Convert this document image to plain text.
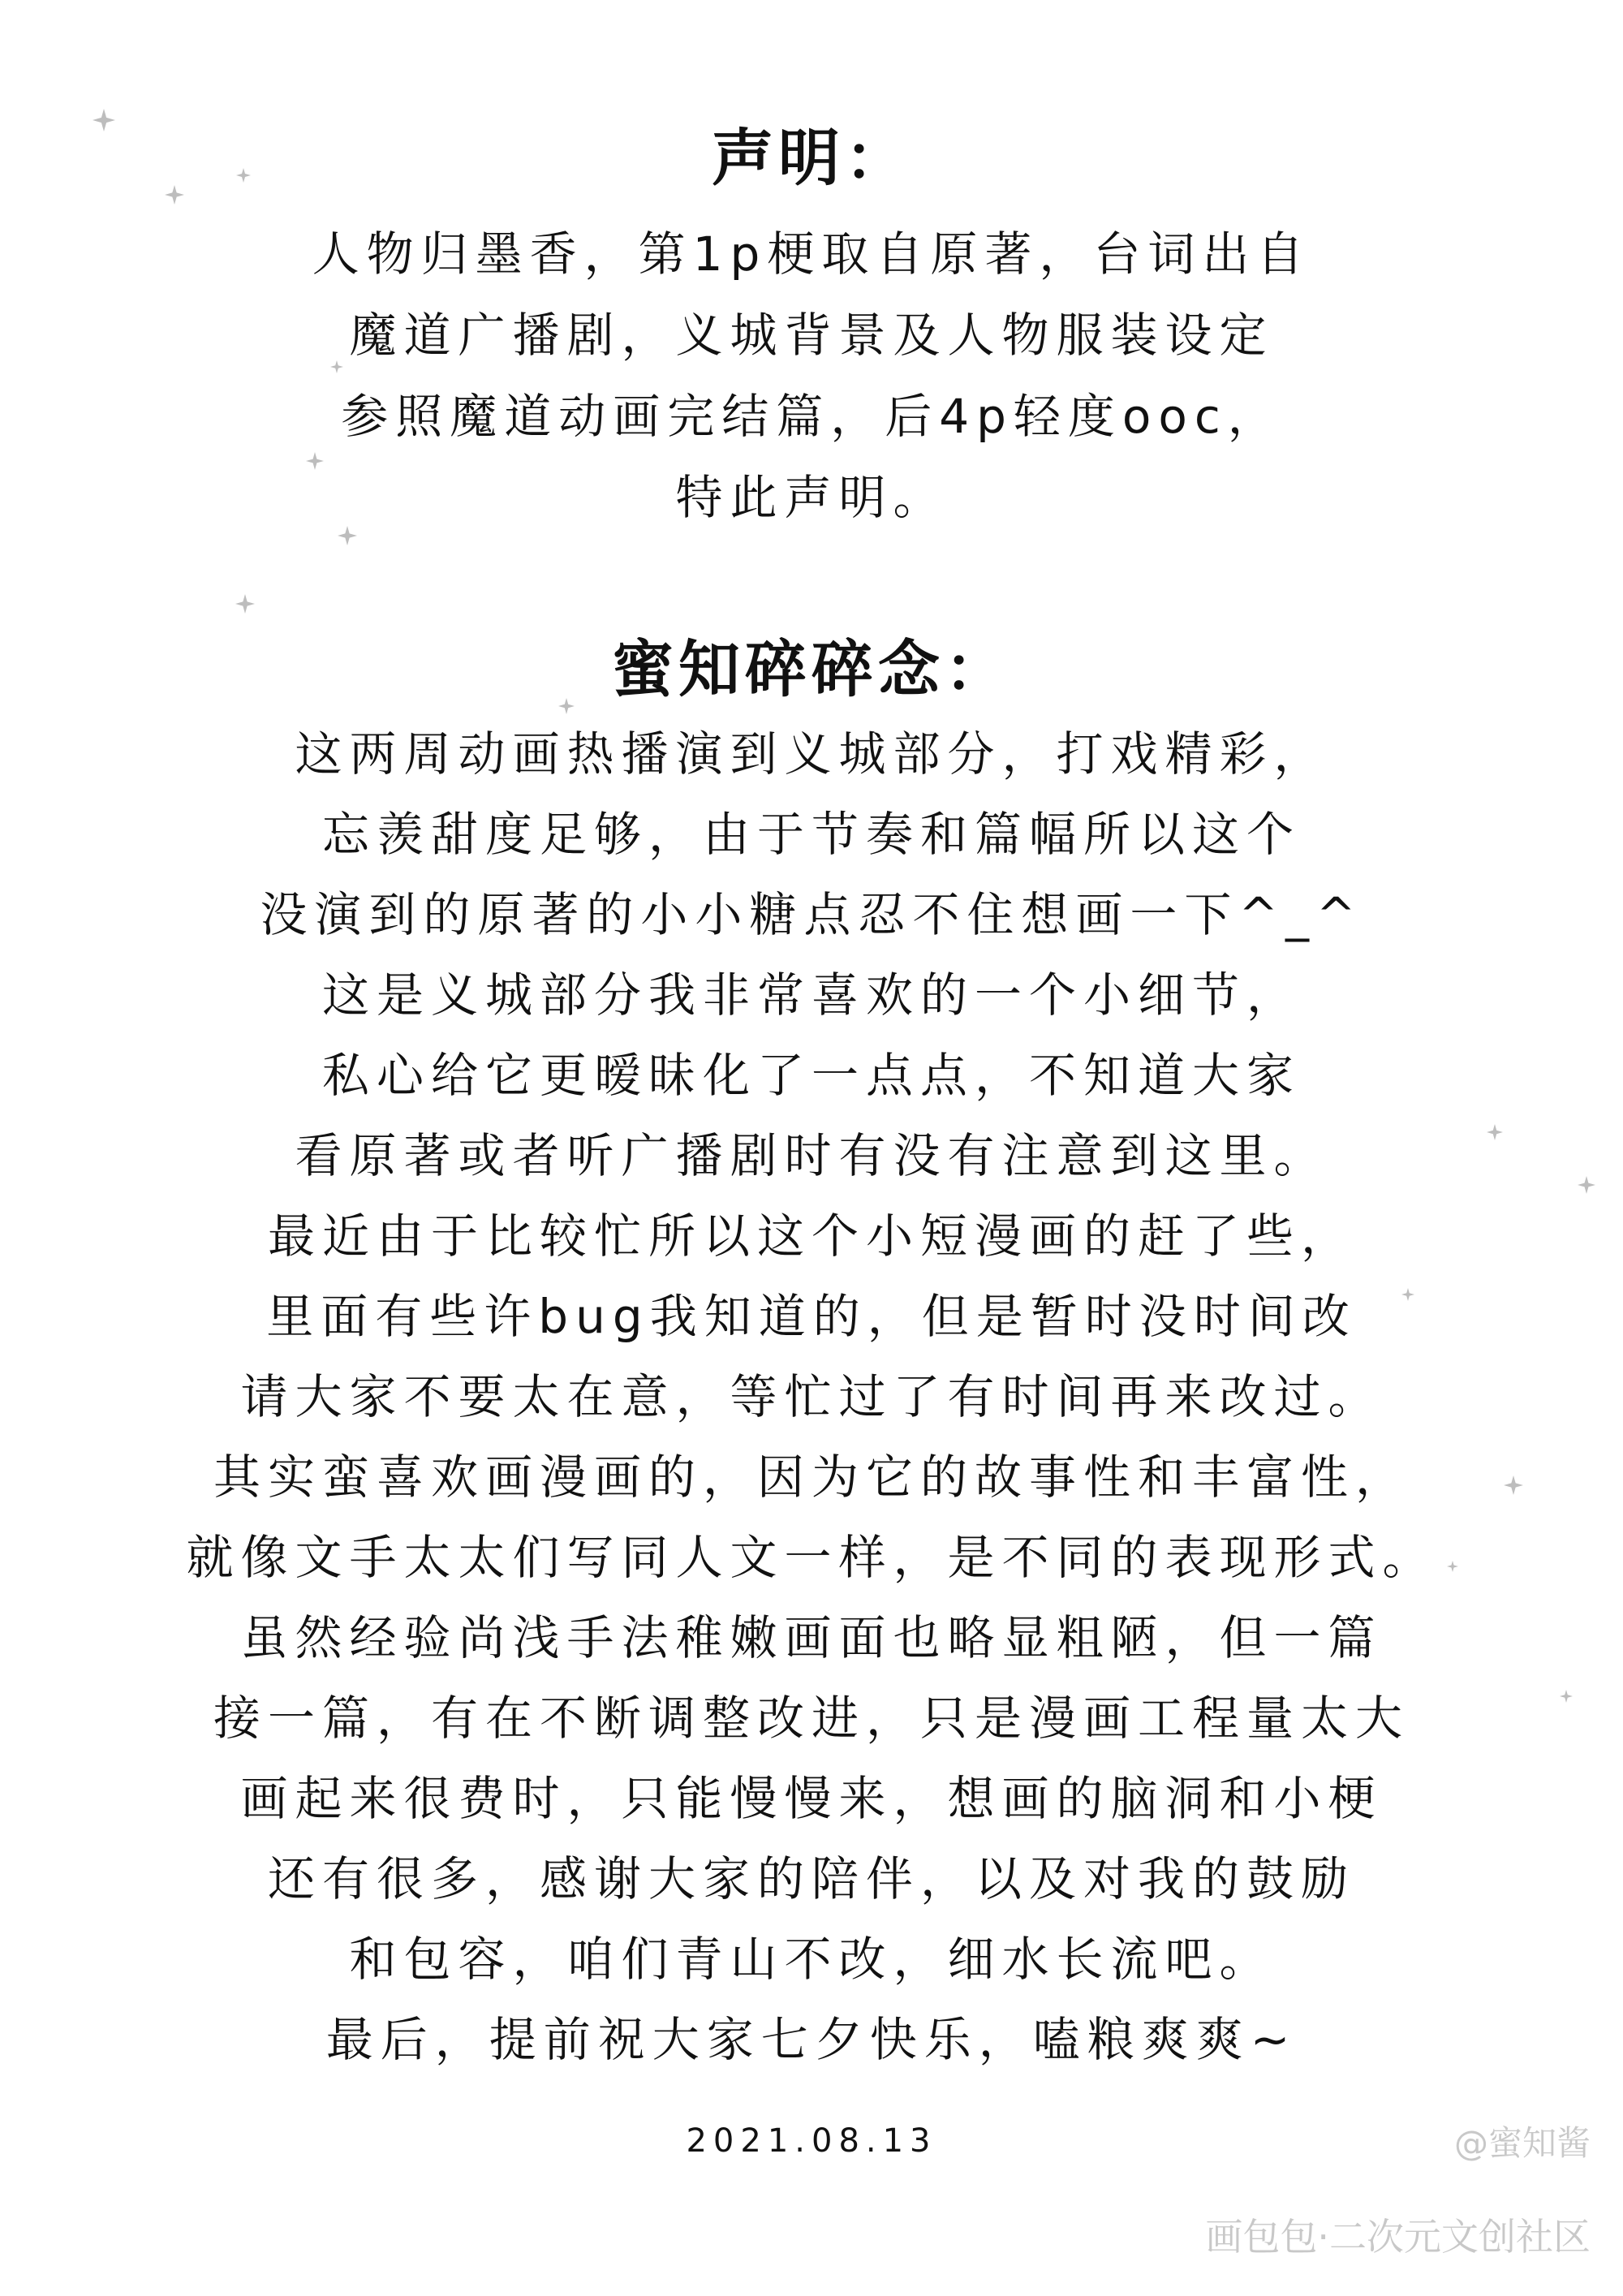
声明：
人物归墨香，第1p梗取自原著，台词出自
魔道广播剧，义城背景及人物服装设定
参照魔道动画完结篇，后4p轻度ooc，
特此声明。
蜜知碎碎念：
这两周动画热播演到义城部分，打戏精彩，
忘羡甜度足够，由于节奏和篇幅所以这个
没演到的原著的小小糖点忍不住想画一下^_^
这是义城部分我非常喜欢的一个小细节，
私心给它更暧昧化了一点点，不知道大家
看原著或者听广播剧时有没有注意到这里。
最近由于比较忙所以这个小短漫画的赶了些，
里面有些许bug我知道的，但是暂时没时间改
请大家不要太在意，等忙过了有时间再来改过。
其实蛮喜欢画漫画的，因为它的故事性和丰富性，
就像文手太太们写同人文一样，是不同的表现形式。
虽然经验尚浅手法稚嫩画面也略显粗陋，但一篇
接一篇，有在不断调整改进，只是漫画工程量太大
画起来很费时，只能慢慢来，想画的脑洞和小梗
还有很多，感谢大家的陪伴，以及对我的鼓励
和包容，咱们青山不改，细水长流吧。
最后，提前祝大家七夕快乐，嗑粮爽爽~
2021.08.13	@蜜知酱
画包包·二次元文创社区
